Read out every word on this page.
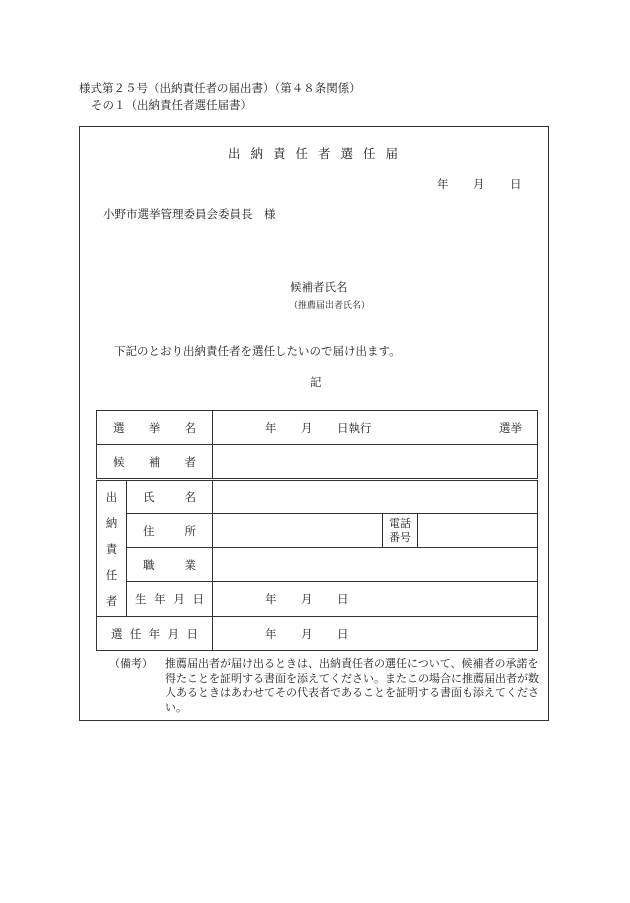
様式第２５号（出納責任者の届出書）（第４８条関係）
その１（出納責任者選任届書）
出納責任者選任届
年 月 日
小野市選挙管理委員会委員長　様
候補者氏名
（推薦届出者氏名）
下記のとおり出納責任者を選任したいので届け出ます。
記
選挙名		年 月 日執行 選挙		

候補者				

出
納
責
任
者	氏名			
	住所		電話
番号	

	職業			
	生年月日	年 月 日		

選任年月日		年 月 日		
（備考） 推薦届出者が届け出るときは、出納責任者の選任について、候補者の承諾を得たことを証明する書面を添えてください。またこの場合に推薦届出者が数人あるときはあわせてその代表者であることを証明する書面も添えてください。
